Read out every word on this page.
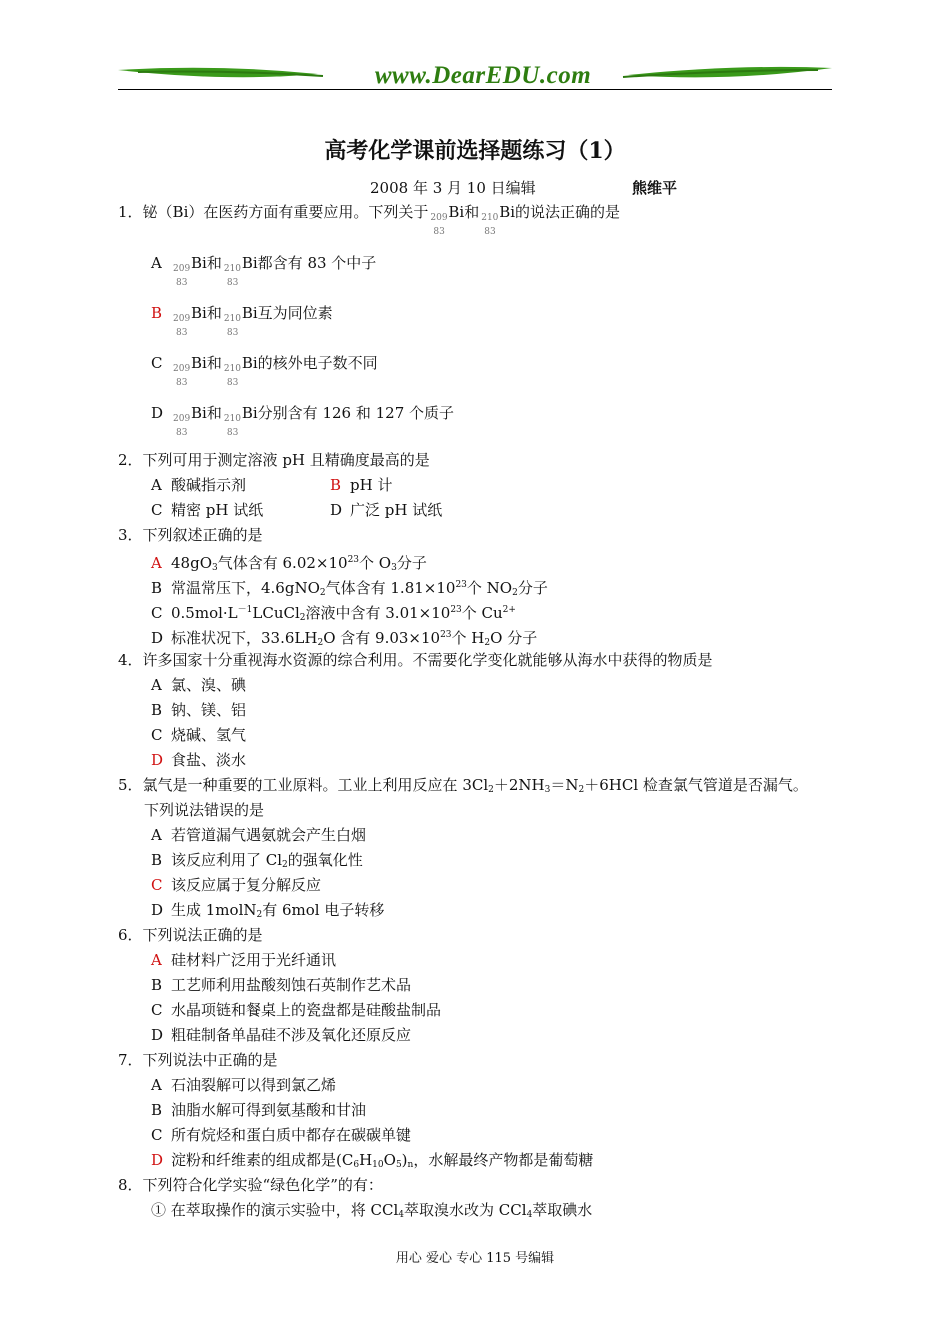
www.DearEDU.com
高考化学课前选择题练习（1）
2008 年 3 月 10 日编辑	熊维平
1．铋（Bi）在医药方面有重要应用。下列关于 209
83
Bi和 210
83
Bi的说法正确的是
A 209
83
Bi和 210
83
Bi都含有 83 个中子
B 209
83
Bi和 210
83
Bi互为同位素
C 209
83
Bi和 210
83
Bi的核外电子数不同
D 209
83
Bi和 210
83
Bi分别含有 126 和 127 个质子
2．下列可用于测定溶液 pH 且精确度最高的是
A 酸碱指示剂	B pH 计
C 精密 pH 试纸	D 广泛 pH 试纸
3．下列叙述正确的是
A $48gO_3$气体含有 $6.02\times 10^{23}$个 $O_3$分子
B 常温常压下，4.6gNO$_2$气体含有 $1.81\times 10^{23}$个 $NO_2$分子
C $0.5mol\cdot L^{-1}LCuCl_2$溶液中含有 $3.01\times 10^{23}$个 $Cu^{2+}$
D 标准状况下，$33.6LH_2O$ 含有 $9.03\times 10^{23}$个 $H_2O$ 分子
4．许多国家十分重视海水资源的综合利用。不需要化学变化就能够从海水中获得的物质是
A 氯、溴、碘
B 钠、镁、铝
C 烧碱、氢气
D 食盐、淡水
5．氯气是一种重要的工业原料。工业上利用反应在 $3Cl_2+2NH_3=N_2+6HCl$ 检查氯气管道是否漏气。
下列说法错误的是
A 若管道漏气遇氨就会产生白烟
B 该反应利用了 $Cl_2$的强氧化性
C 该反应属于复分解反应
D 生成 1molN$_2$有 6mol 电子转移
6．下列说法正确的是
A 硅材料广泛用于光纤通讯
B 工艺师利用盐酸刻蚀石英制作艺术品
C 水晶项链和餐桌上的瓷盘都是硅酸盐制品
D 粗硅制备单晶硅不涉及氧化还原反应
7．下列说法中正确的是
A 石油裂解可以得到氯乙烯
B 油脂水解可得到氨基酸和甘油
C 所有烷烃和蛋白质中都存在碳碳单键
D 淀粉和纤维素的组成都是$(C_6H_{10}O_5)_n$，水解最终产物都是葡萄糖
8．下列符合化学实验“绿色化学”的有：
① 在萃取操作的演示实验中，将 CCl$_4$萃取溴水改为 CCl$_4$萃取碘水
用心 爱心 专心 115 号编辑
